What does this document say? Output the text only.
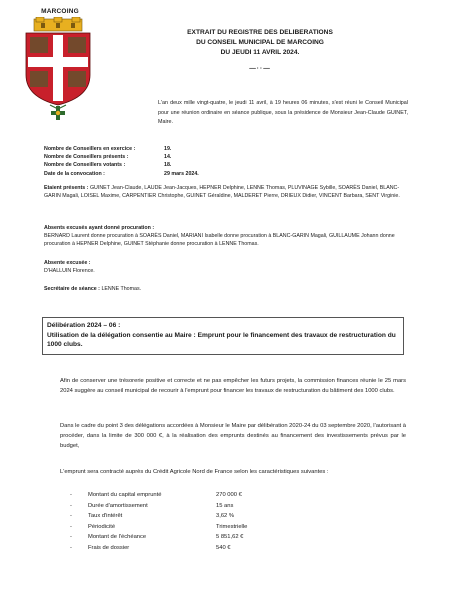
MARCOING
EXTRAIT DU REGISTRE DES DELIBERATIONS
DU CONSEIL MUNICIPAL DE MARCOING
DU JEUDI 11 AVRIL 2024.
—··—
L'an deux mille vingt-quatre, le jeudi 11 avril, à 19 heures 06 minutes, s'est réuni le Conseil Municipal pour une réunion ordinaire en séance publique, sous la présidence de Monsieur Jean-Claude GUINET, Maire.
Nombre de Conseillers en exercice :	19.
Nombre de Conseillers présents :	14.
Nombre de Conseillers votants :	18.
Date de la convocation :	29 mars 2024.
Etaient présents : GUINET Jean-Claude, LAUDE Jean-Jacques, HEPNER Delphine, LENNE Thomas, PLUVINAGE Sybille, SOARÈS Daniel, BLANC-GARIN Magali, LOISEL Maxime, CARPENTIER Christophe, GUINET Géraldine, MALDERET Pierre, DRIEUX Didier, VINCENT Barbara, SENT Virginie.
Absents excusés ayant donné procuration :
BERNARD Laurent donne procuration à SOARÈS Daniel, MARIANI Isabelle donne procuration à BLANC-GARIN Magali, GUILLAUME Johann donne procuration à HEPNER Delphine, GUINET Stéphanie donne procuration à LENNE Thomas.
Absente excusée :
D'HALLUIN Florence.
Secrétaire de séance : LENNE Thomas.
Délibération 2024 – 06 :
Utilisation de la délégation consentie au Maire : Emprunt pour le financement des travaux de restructuration du 1000 clubs.
Afin de conserver une trésorerie positive et correcte et ne pas empêcher les futurs projets, la commission finances réunie le 25 mars 2024 suggère au conseil municipal de recourir à l'emprunt pour financer les travaux de restructuration du bâtiment des 1000 clubs.
Dans le cadre du point 3 des délégations accordées à Monsieur le Maire par délibération 2020-24 du 03 septembre 2020, l'autorisant à procéder, dans la limite de 300 000 €, à la réalisation des emprunts destinés au financement des investissements prévus par le budget,
L'emprunt sera contracté auprès du Crédit Agricole Nord de France selon les caractéristiques suivantes :
-	Montant du capital emprunté	270 000 €
-	Durée d'amortissement	15 ans
-	Taux d'intérêt	3,62 %
-	Périodicité	Trimestrielle
-	Montant de l'échéance	5 851,62 €
-	Frais de dossier	540 €
